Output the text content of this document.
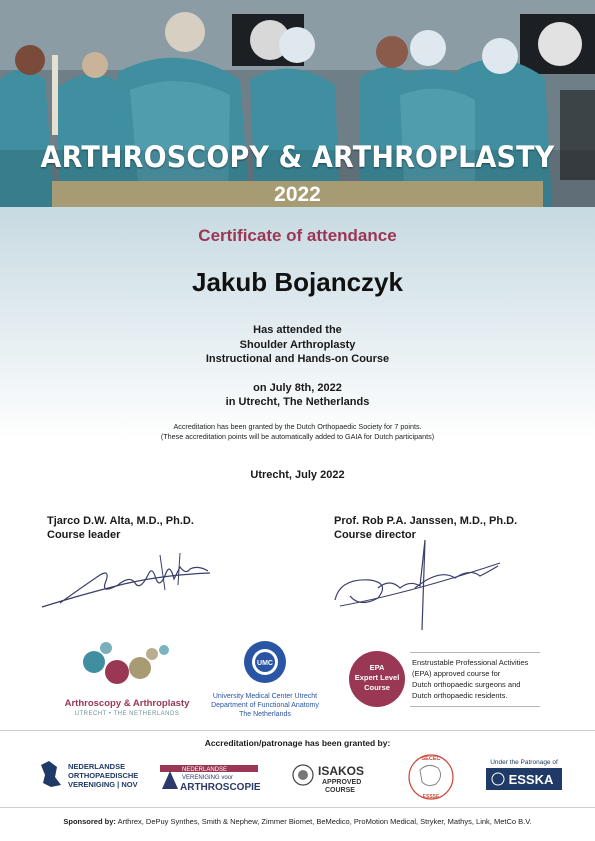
ARTHROSCOPY & ARTHROPLASTY
2022
Certificate of attendance
Jakub Bojanczyk
Has attended the
Shoulder Arthroplasty
Instructional and Hands-on Course
on July 8th, 2022
in Utrecht, The Netherlands
Accreditation has been granted by the Dutch Orthopaedic Society for 7 points.
(These accreditation points will be automatically added to GAIA for Dutch participants)
Utrecht, July 2022
Tjarco D.W. Alta, M.D., Ph.D.
Course leader
Prof. Rob P.A. Janssen, M.D., Ph.D.
Course director
Arthroscopy & Arthroplasty
UTRECHT • THE NETHERLANDS
UMC
University Medical Center Utrecht
Department of Functional Anatomy
The Netherlands
EPA
Expert Level
Course
Enstrustable Professional Activities
(EPA) approved course for
Dutch orthopaedic surgeons and
Dutch orthopaedic residents.
Accreditation/patronage has been granted by:
NEDERLANDSE
ORTHOPAEDISCHE
VERENIGING | NOV
NEDERLANDSE
VERENIGING voor
ARTHROSCOPIE
ISAKOS
APPROVED
COURSE
SECEC
ESSSE
Under the Patronage of
ESSKA
Sponsored by: Arthrex, DePuy Synthes, Smith & Nephew, Zimmer Biomet, BeMedico, ProMotion Medical, Stryker, Mathys, Link, MetCo B.V.
